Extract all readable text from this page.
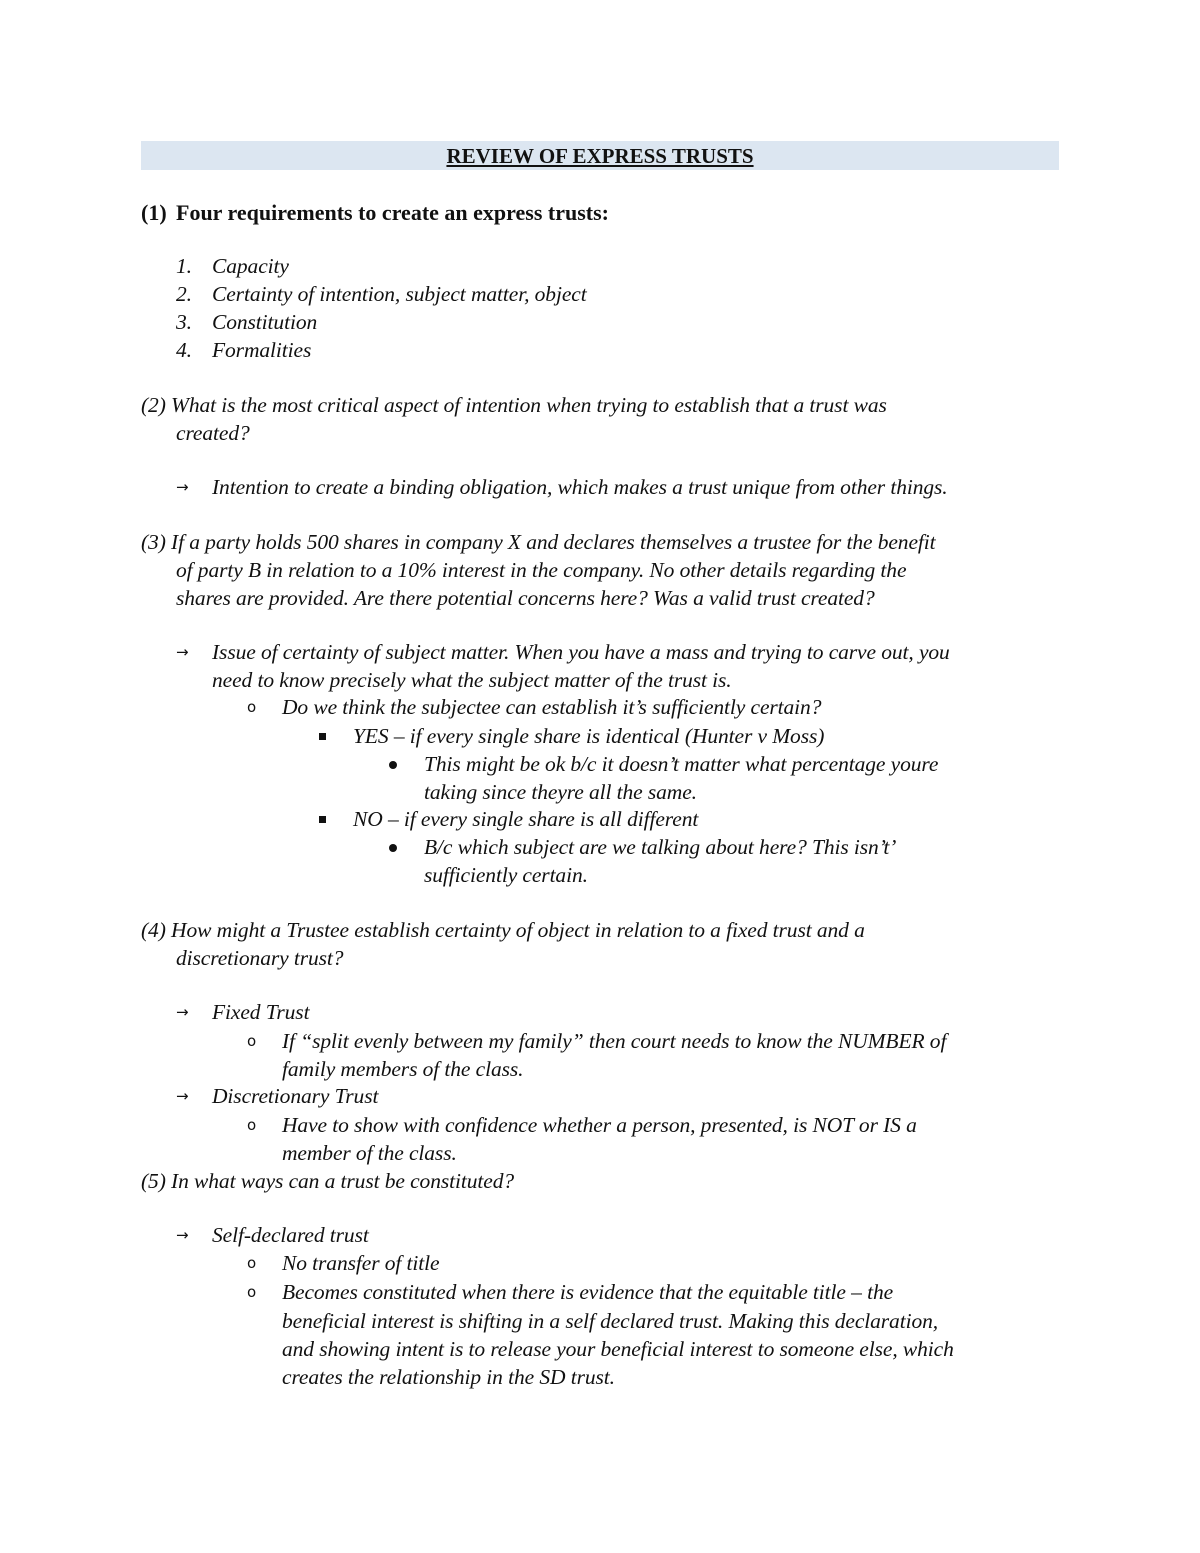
REVIEW OF EXPRESS TRUSTS
(1) Four requirements to create an express trusts:
1. Capacity
2. Certainty of intention, subject matter, object
3. Constitution
4. Formalities
(2) What is the most critical aspect of intention when trying to establish that a trust was
created?
→ Intention to create a binding obligation, which makes a trust unique from other things.
(3) If a party holds 500 shares in company X and declares themselves a trustee for the benefit
of party B in relation to a 10% interest in the company. No other details regarding the
shares are provided. Are there potential concerns here? Was a valid trust created?
→ Issue of certainty of subject matter. When you have a mass and trying to carve out, you
need to know precisely what the subject matter of the trust is.
o Do we think the subjectee can establish it’s sufficiently certain?
YES – if every single share is identical (Hunter v Moss)
This might be ok b/c it doesn’t matter what percentage youre
taking since theyre all the same.
NO – if every single share is all different
B/c which subject are we talking about here? This isn’t’
sufficiently certain.
(4) How might a Trustee establish certainty of object in relation to a fixed trust and a
discretionary trust?
→ Fixed Trust
o If “split evenly between my family” then court needs to know the NUMBER of
family members of the class.
→ Discretionary Trust
o Have to show with confidence whether a person, presented, is NOT or IS a
member of the class.
(5) In what ways can a trust be constituted?
→ Self-declared trust
o No transfer of title
o Becomes constituted when there is evidence that the equitable title – the
beneficial interest is shifting in a self declared trust. Making this declaration,
and showing intent is to release your beneficial interest to someone else, which
creates the relationship in the SD trust.
